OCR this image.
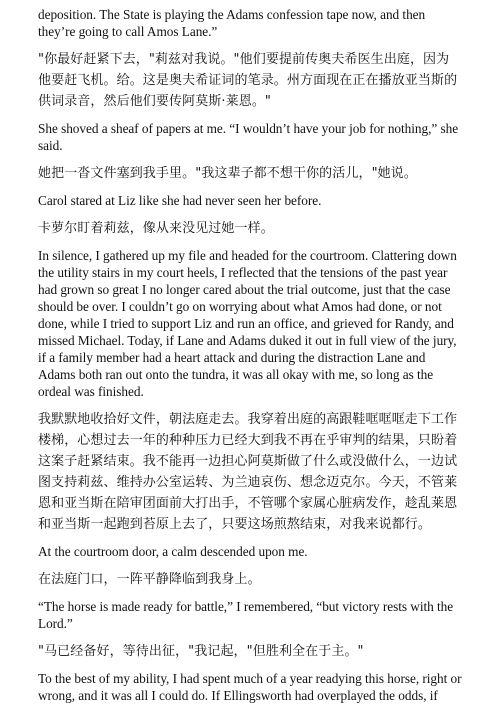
deposition. The State is playing the Adams confession tape now, and then they’re going to call Amos Lane.”

"你最好赶紧下去，"莉兹对我说。"他们要提前传奥夫希医生出庭，因为他要赶飞机。给。这是奥夫希证词的笔录。州方面现在正在播放亚当斯的供词录音，然后他们要传阿莫斯·莱恩。"

She shoved a sheaf of papers at me. “I wouldn’t have your job for nothing,” she said.

她把一沓文件塞到我手里。"我这辈子都不想干你的活儿，"她说。

Carol stared at Liz like she had never seen her before.

卡萝尔盯着莉兹，像从来没见过她一样。

In silence, I gathered up my file and headed for the courtroom. Clattering down the utility stairs in my court heels, I reflected that the tensions of the past year had grown so great I no longer cared about the trial outcome, just that the case should be over. I couldn’t go on worrying about what Amos had done, or not done, while I tried to support Liz and run an office, and grieved for Randy, and missed Michael. Today, if Lane and Adams duked it out in full view of the jury, if a family member had a heart attack and during the distraction Lane and Adams both ran out onto the tundra, it was all okay with me, so long as the ordeal was finished.

我默默地收拾好文件，朝法庭走去。我穿着出庭的高跟鞋哐哐哐走下工作楼梯，心想过去一年的种种压力已经大到我不再在乎审判的结果，只盼着这案子赶紧结束。我不能再一边担心阿莫斯做了什么或没做什么，一边试图支持莉兹、维持办公室运转、为兰迪哀伤、想念迈克尔。今天，不管莱恩和亚当斯在陪审团面前大打出手，不管哪个家属心脏病发作，趁乱莱恩和亚当斯一起跑到苔原上去了，只要这场煎熬结束，对我来说都行。

At the courtroom door, a calm descended upon me.

在法庭门口，一阵平静降临到我身上。

“The horse is made ready for battle,” I remembered, “but victory rests with the Lord.”

"马已经备好，等待出征，"我记起，"但胜利全在于主。"

To the best of my ability, I had spent much of a year readying this horse, right or wrong, and it was all I could do. If Ellingsworth had overplayed the odds, if
